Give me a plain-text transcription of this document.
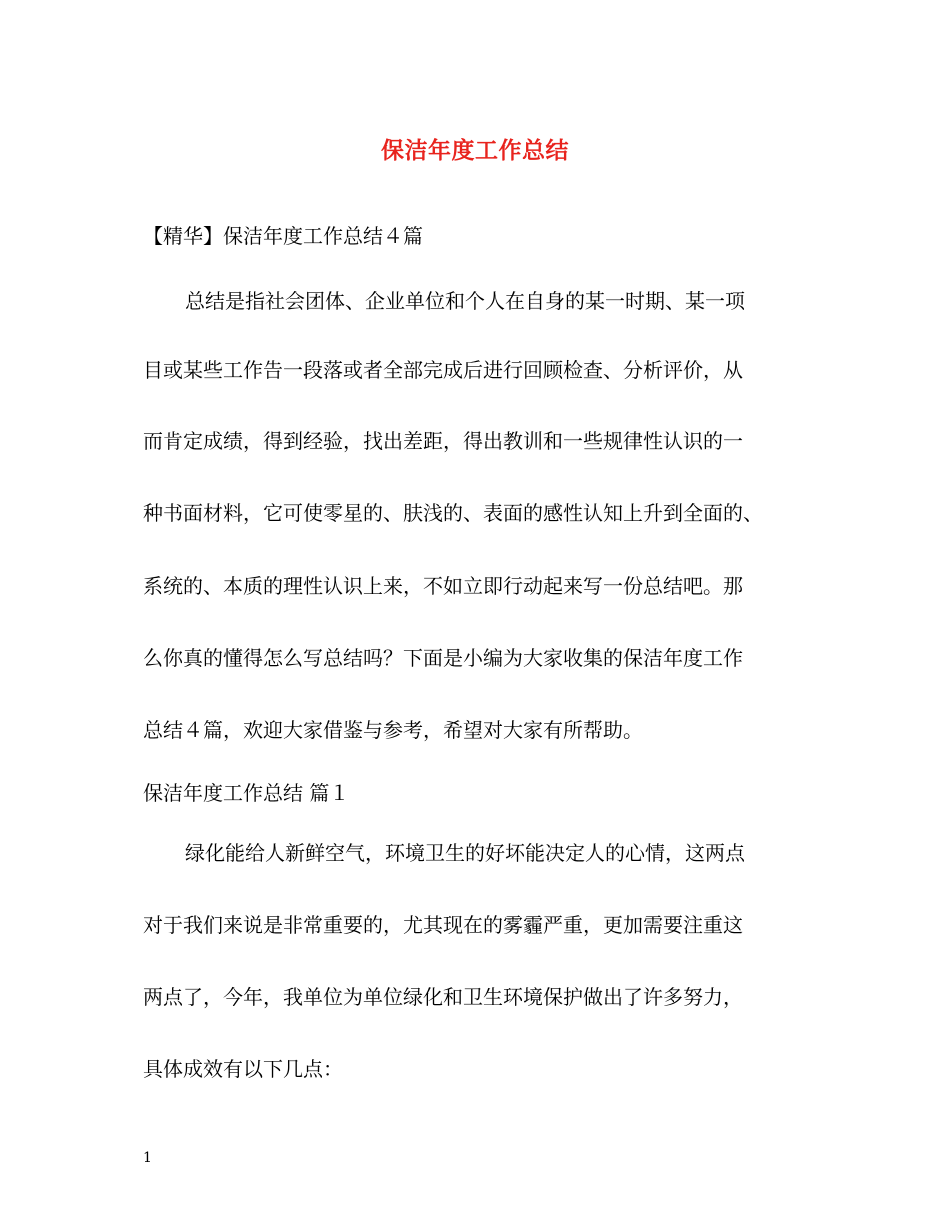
保洁年度工作总结
【精华】保洁年度工作总结４篇
总结是指社会团体、企业单位和个人在自身的某一时期、某一项
目或某些工作告一段落或者全部完成后进行回顾检查、分析评价，从
而肯定成绩，得到经验，找出差距，得出教训和一些规律性认识的一
种书面材料，它可使零星的、肤浅的、表面的感性认知上升到全面的、
系统的、本质的理性认识上来，不如立即行动起来写一份总结吧。那
么你真的懂得怎么写总结吗？下面是小编为大家收集的保洁年度工作
总结４篇，欢迎大家借鉴与参考，希望对大家有所帮助。
保洁年度工作总结 篇１
绿化能给人新鲜空气，环境卫生的好坏能决定人的心情，这两点
对于我们来说是非常重要的，尤其现在的雾霾严重，更加需要注重这
两点了，今年，我单位为单位绿化和卫生环境保护做出了许多努力，
具体成效有以下几点：
1
